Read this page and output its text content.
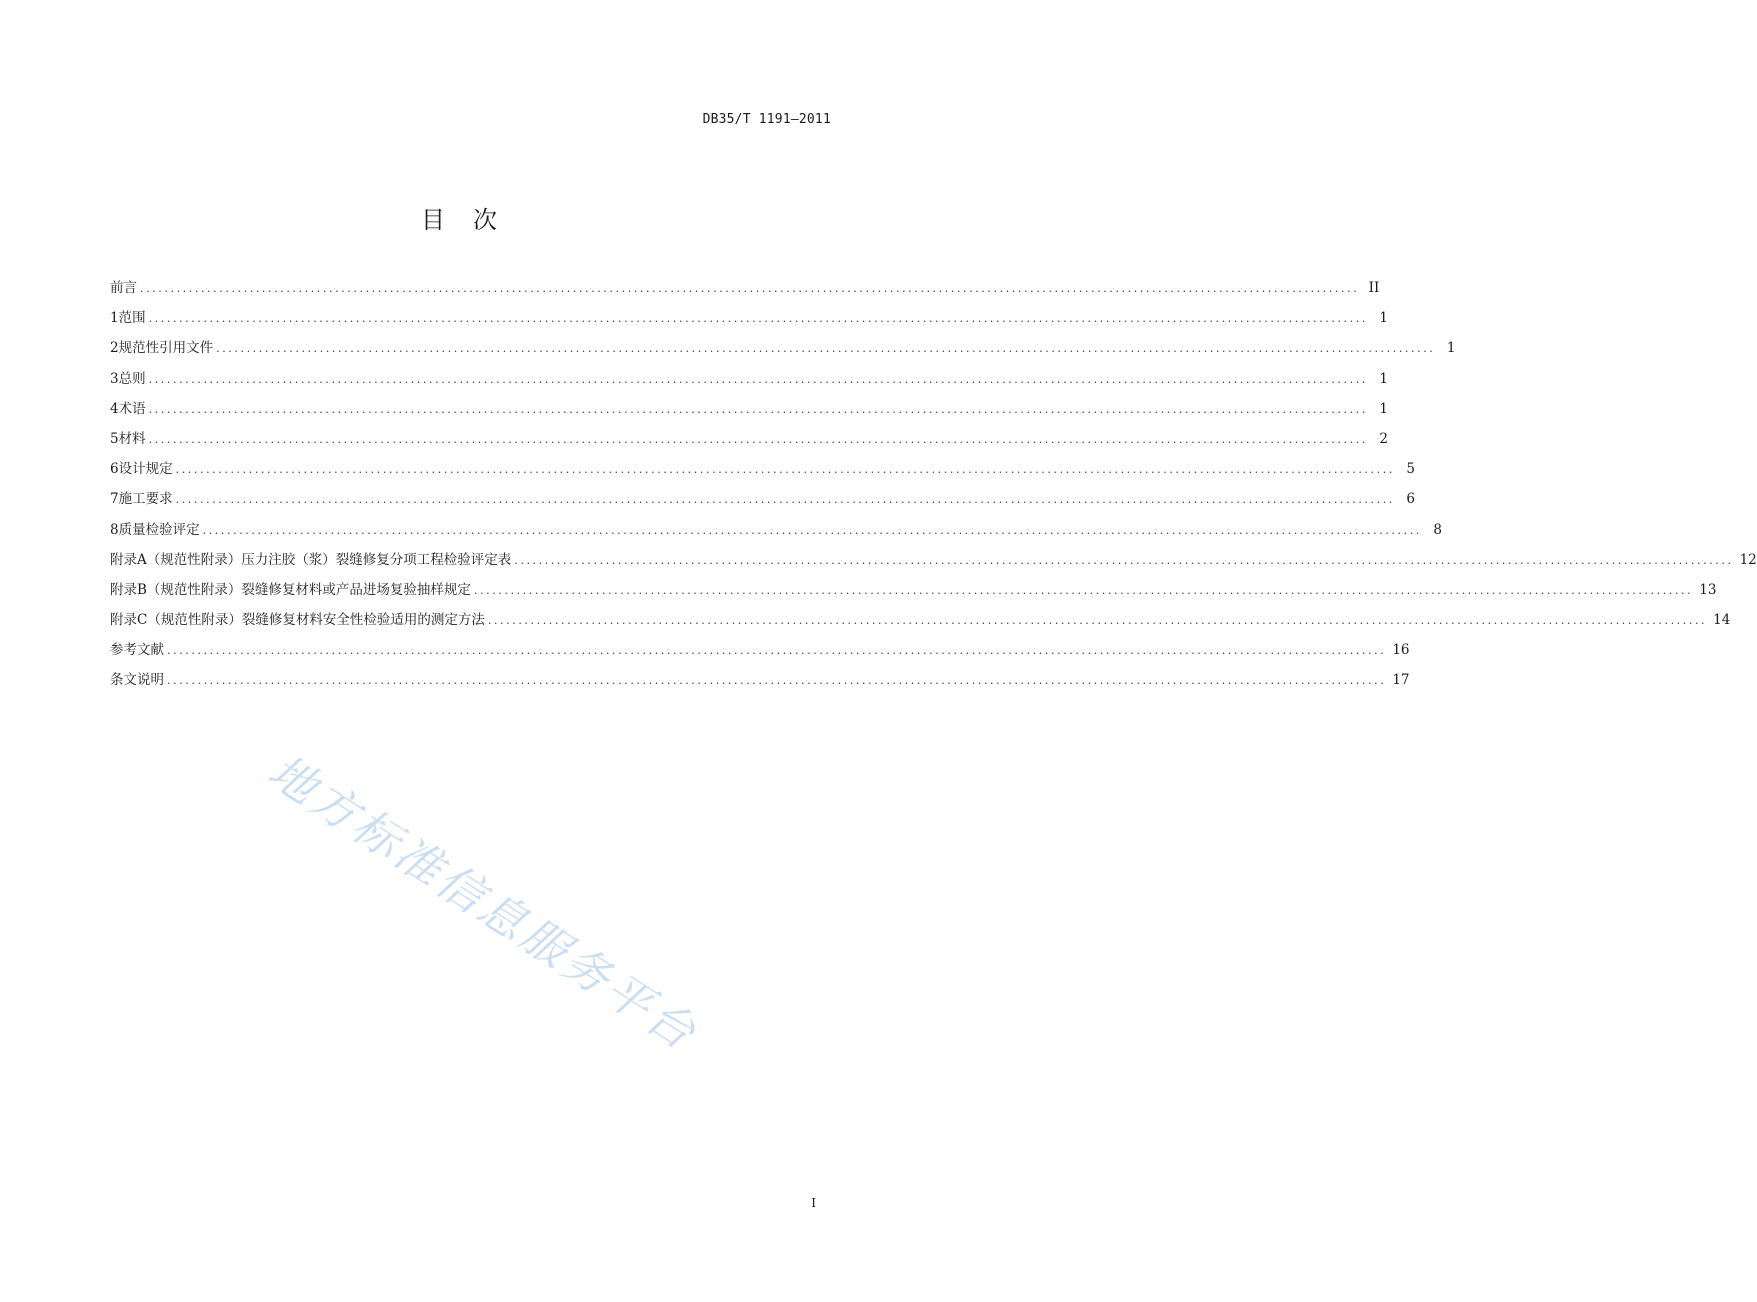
DB35/T 1191—2011
目　次
前言 ........................................................................................................................................................................................................ II
1 范围 ........................................................................................................................................................................................................ 1
2 规范性引用文件 ........................................................................................................................................................................................................ 1
3 总则 ........................................................................................................................................................................................................ 1
4 术语 ........................................................................................................................................................................................................ 1
5 材料 ........................................................................................................................................................................................................ 2
6 设计规定 ........................................................................................................................................................................................................ 5
7 施工要求 ........................................................................................................................................................................................................ 6
8 质量检验评定 ........................................................................................................................................................................................................ 8
附录A（规范性附录） 压力注胶（浆）裂缝修复分项工程检验评定表 ........................................................................................................................................................................................................ 12
附录B（规范性附录） 裂缝修复材料或产品进场复验抽样规定 ........................................................................................................................................................................................................ 13
附录C（规范性附录） 裂缝修复材料安全性检验适用的测定方法 ........................................................................................................................................................................................................ 14
参考文献 ........................................................................................................................................................................................................ 16
条文说明 ........................................................................................................................................................................................................ 17
地方标准信息服务平台
I
